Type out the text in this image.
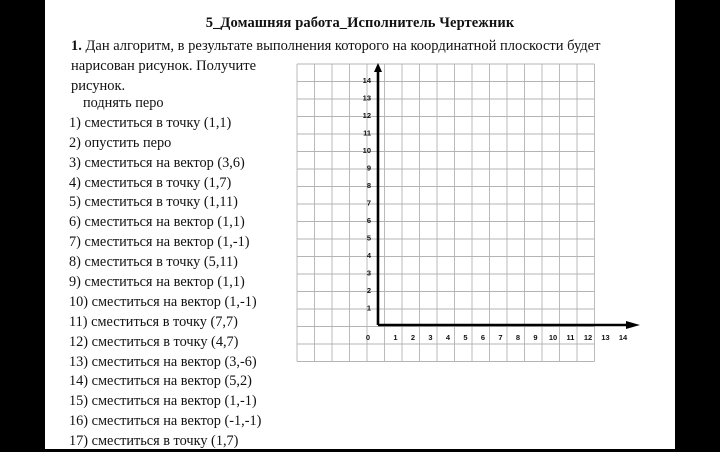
5_Домашняя работа_Исполнитель Чертежник
1. Дан алгоритм, в результате выполнения которого на координатной плоскости будет
нарисован рисунок. Получите
рисунок.
поднять перо
1) сместиться в точку (1,1)
2) опустить перо
3) сместиться на вектор (3,6)
4) сместиться в точку (1,7)
5) сместиться в точку (1,11)
6) сместиться на вектор (1,1)
7) сместиться на вектор (1,-1)
8) сместиться в точку (5,11)
9) сместиться на вектор (1,1)
10) сместиться на вектор (1,-1)
11) сместиться в точку (7,7)
12) сместиться в точку (4,7)
13) сместиться на вектор (3,-6)
14) сместиться на вектор (5,2)
15) сместиться на вектор (1,-1)
16) сместиться на вектор (-1,-1)
17) сместиться в точку (1,7)
0	1 2 3 4 5 6 7 8 9 10 11 12 13 14
1
2
3
4
5
6
7
8
9
10
11
12
13
14
